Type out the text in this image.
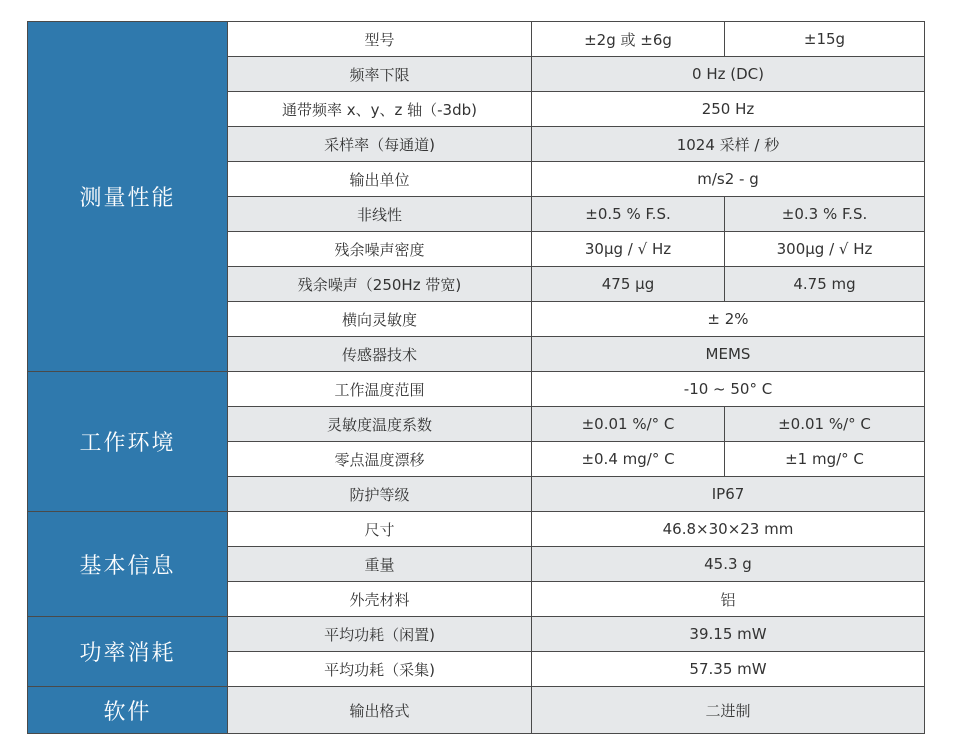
测量性能	型号	±2g 或 ±6g	±15g
	频率下限	0 Hz (DC)	
	通带频率 x、y、z 轴（-3db)	250 Hz	
	采样率（每通道)	1024 采样 / 秒	
	输出单位	m/s2 - g	
	非线性	±0.5 % F.S.	±0.3 % F.S.
	残余噪声密度	30μg / √ Hz	300μg / √ Hz
	残余噪声（250Hz 带宽)	475 μg	4.75 mg
	横向灵敏度	± 2%	
	传感器技术	MEMS	
工作环境	工作温度范围	-10 ~ 50° C	
	灵敏度温度系数	±0.01 %/° C	±0.01 %/° C
	零点温度漂移	±0.4 mg/° C	±1 mg/° C
	防护等级	IP67	
基本信息	尺寸	46.8×30×23 mm	
	重量	45.3 g	
	外壳材料	铝	
功率消耗	平均功耗（闲置)	39.15 mW	
	平均功耗（采集)	57.35 mW	
软件	输出格式	二进制	
